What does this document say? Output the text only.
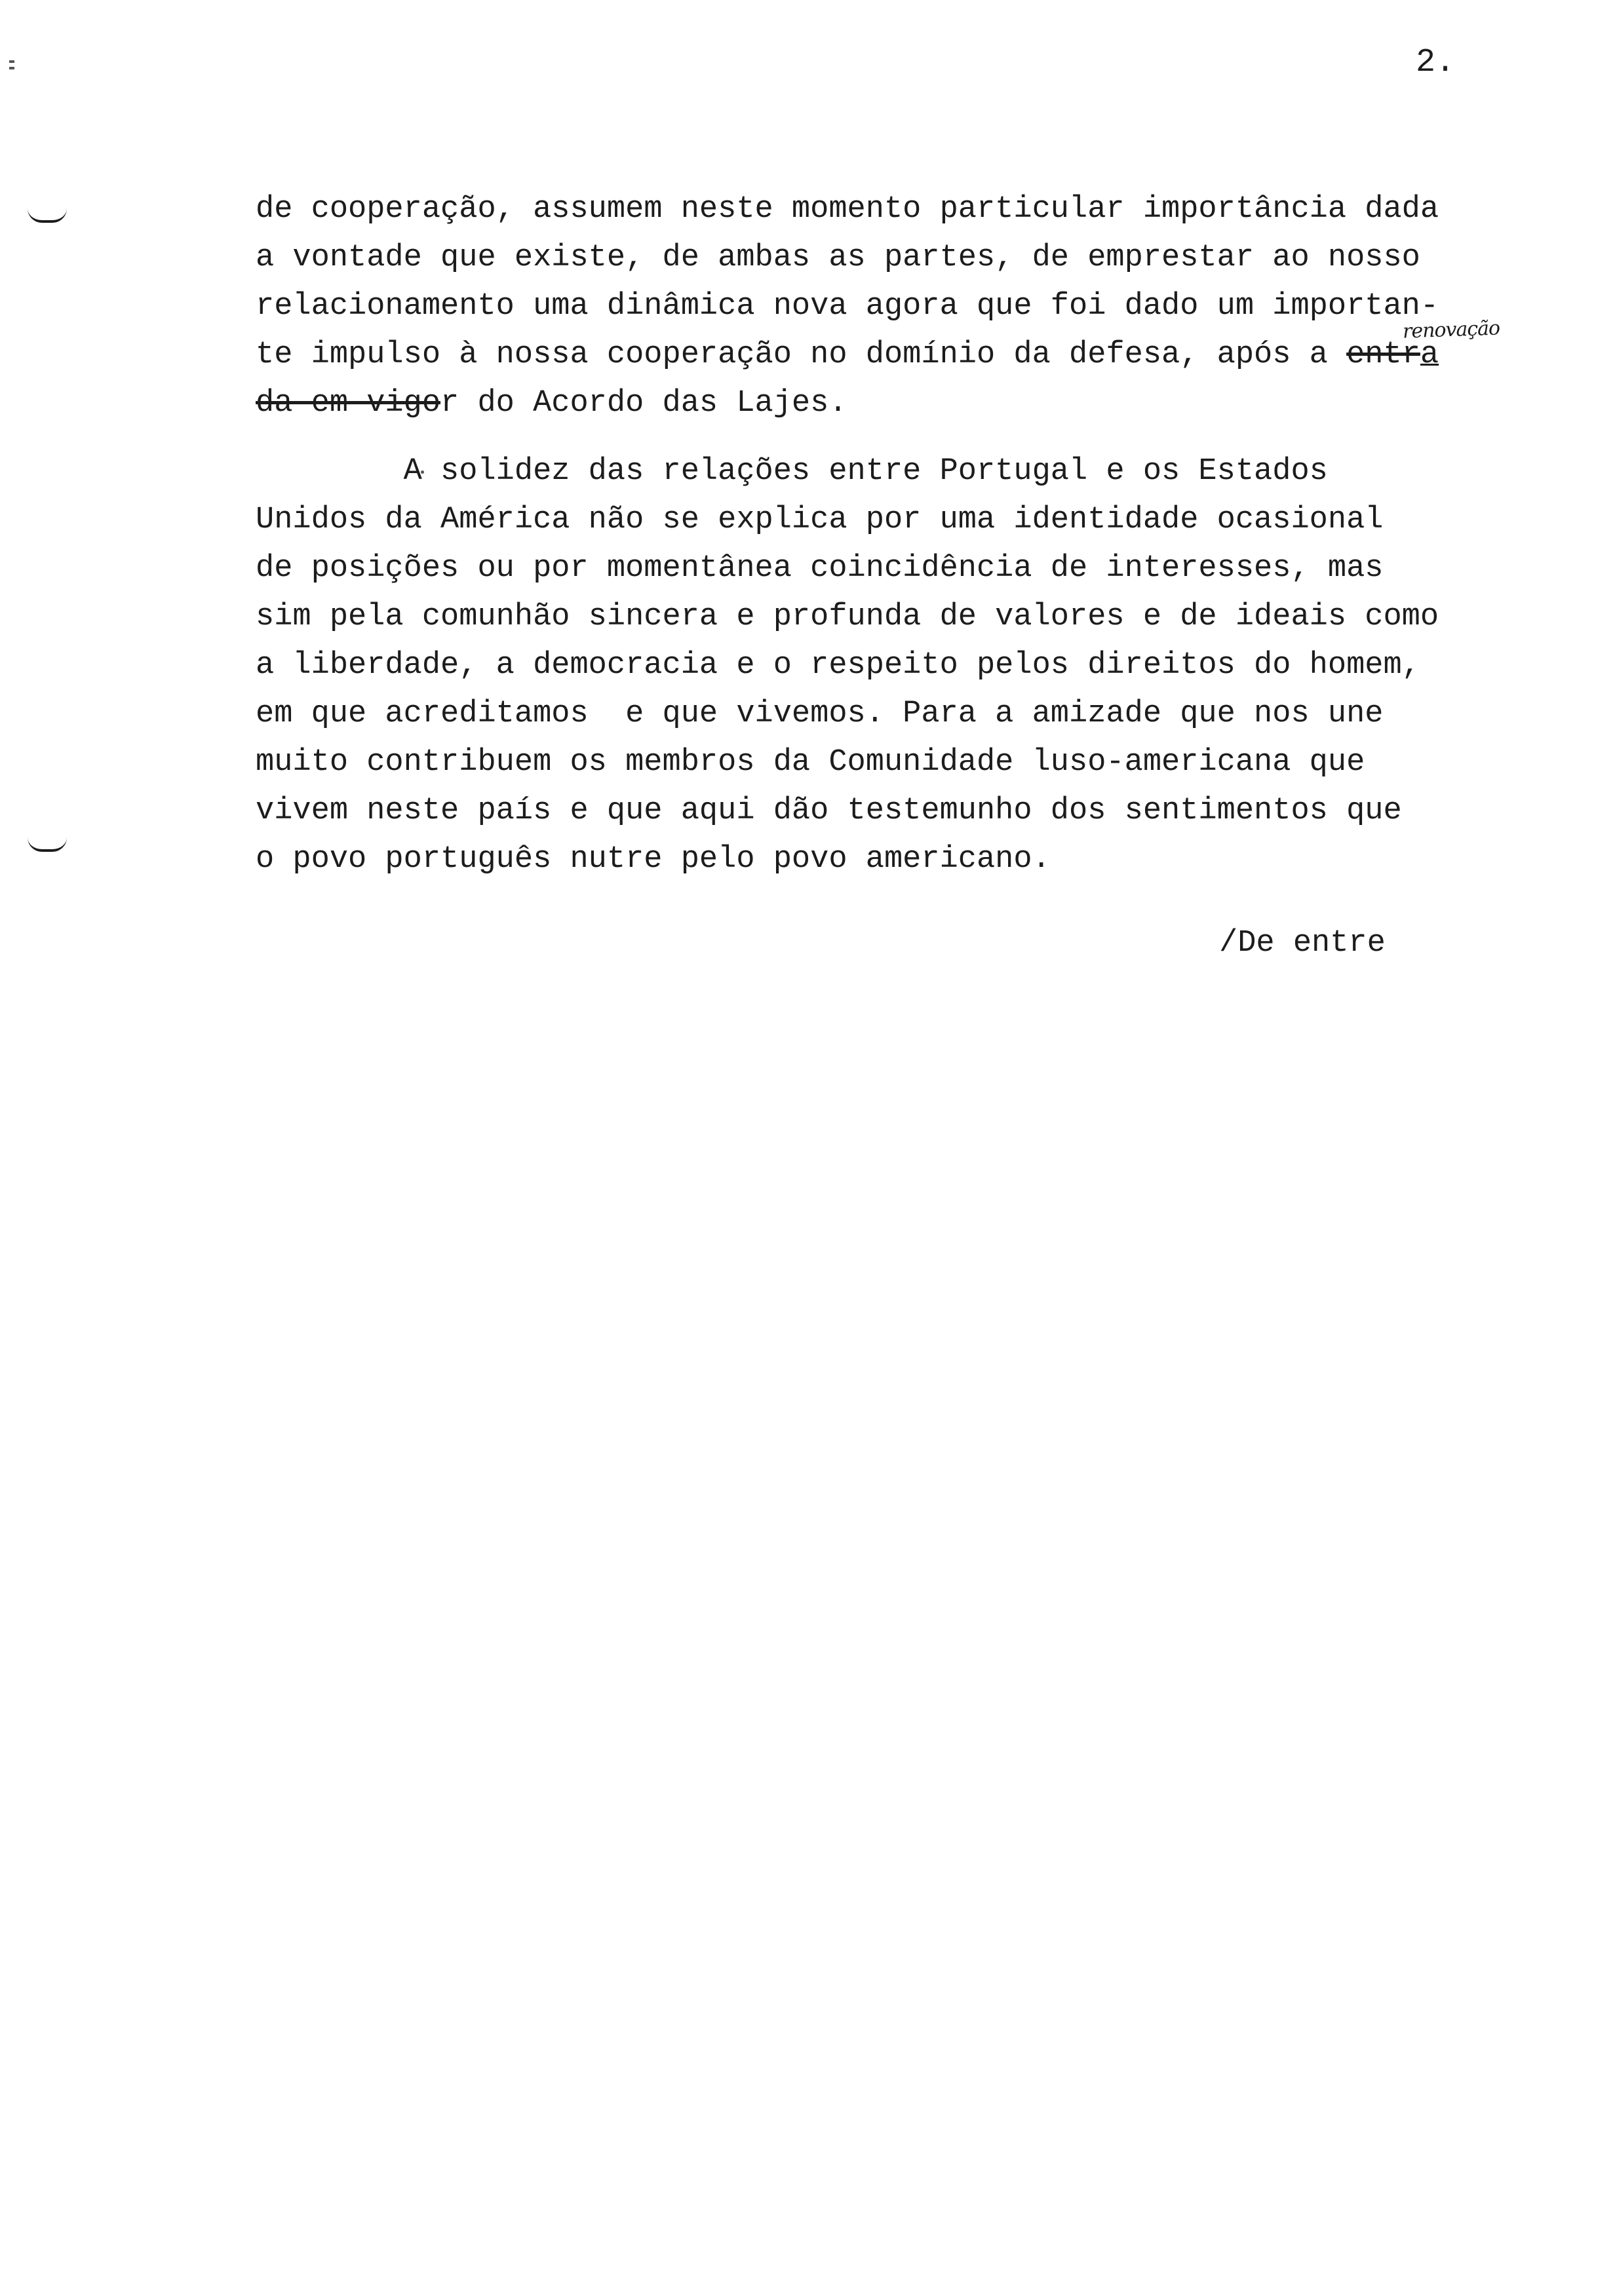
2.

de cooperação, assumem neste momento particular importância dada

a vontade que existe, de ambas as partes, de emprestar ao nosso

relacionamento uma dinâmica nova agora que foi dado um importan-

te impulso à nossa cooperação no domínio da defesa, após a entra

da em vigor do Acordo das Lajes.

renovação

A solidez das relações entre Portugal e os Estados

Unidos da América não se explica por uma identidade ocasional

de posições ou por momentânea coincidência de interesses, mas

sim pela comunhão sincera e profunda de valores e de ideais como

a liberdade, a democracia e o respeito pelos direitos do homem,

em que acreditamos  e que vivemos. Para a amizade que nos une

muito contribuem os membros da Comunidade luso-americana que

vivem neste país e que aqui dão testemunho dos sentimentos que

o povo português nutre pelo povo americano.

/De entre
